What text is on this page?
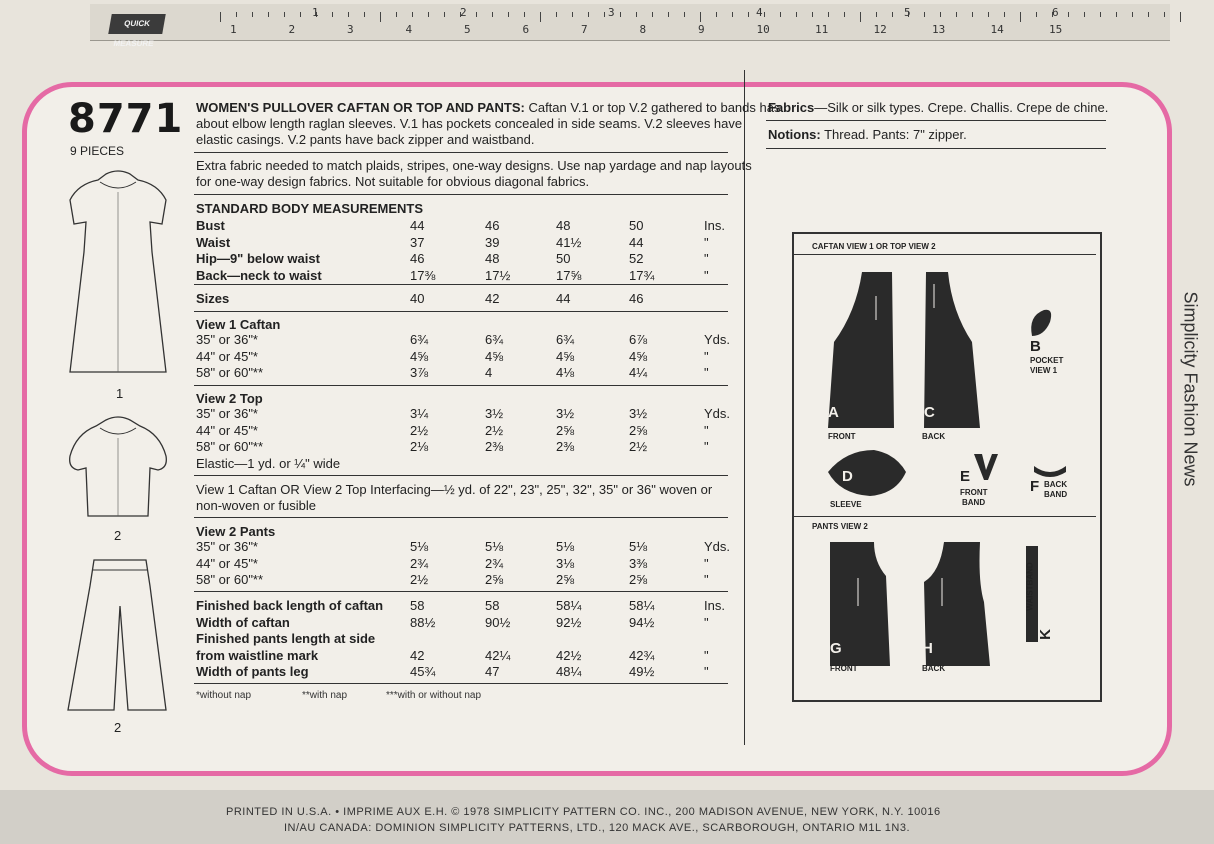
QUICK MEASURE
1	2	3	4	5	6
1	2	3	4	5	6	7	8	9	10	11	12	13	14	15
8771
9 PIECES
1
2
2
WOMEN'S PULLOVER CAFTAN OR TOP AND PANTS: Caftan V.1 or top V.2 gathered to bands has
about elbow length raglan sleeves. V.1 has pockets concealed in side seams. V.2 sleeves have
elastic casings. V.2 pants have back zipper and waistband.
Extra fabric needed to match plaids, stripes, one-way designs. Use nap yardage and nap layouts
for one-way design fabrics. Not suitable for obvious diagonal fabrics.
STANDARD BODY MEASUREMENTS
Bust	44	46	48	50	Ins.
Waist	37	39	41½	44	"
Hip—9" below waist	46	48	50	52	"
Back—neck to waist	17⅜	17½	17⅝	17¾	"
Sizes	40	42	44	46
View 1 Caftan
35" or 36"*	6¾	6¾	6¾	6⅞	Yds.
44" or 45"*	4⅝	4⅝	4⅝	4⅝	"
58" or 60"**	3⅞	4	4⅛	4¼	"
View 2 Top
35" or 36"*	3¼	3½	3½	3½	Yds.
44" or 45"*	2½	2½	2⅝	2⅝	"
58" or 60"**	2⅛	2⅜	2⅜	2½	"
Elastic—1 yd. or ¼" wide
View 1 Caftan OR View 2 Top Interfacing—½ yd. of 22", 23", 25", 32", 35" or 36" woven or
non-woven or fusible
View 2 Pants
35" or 36"*	5⅛	5⅛	5⅛	5⅛	Yds.
44" or 45"*	2¾	2¾	3⅛	3⅜	"
58" or 60"**	2½	2⅝	2⅝	2⅝	"
Finished back length of caftan 58	58	58¼	58¼	Ins.
Width of caftan	88½	90½	92½	94½	"
Finished pants length at side
from waistline mark	42	42¼	42½	42¾	"
Width of pants leg	45¾	47	48¼	49½	"
*without nap	**with nap	***with or without nap
Fabrics—Silk or silk types. Crepe. Challis. Crepe de chine.
Notions: Thread. Pants: 7" zipper.
CAFTAN VIEW 1 OR TOP VIEW 2
A
FRONT
C
BACK
B
POCKET
VIEW 1
D
SLEEVE
E
FRONT
BAND
F BACK
BAND
PANTS VIEW 2
G
FRONT
H
BACK
WAISTBAND
K
Simplicity Fashion News
PRINTED IN U.S.A. • IMPRIME AUX E.H. © 1978 SIMPLICITY PATTERN CO. INC., 200 MADISON AVENUE, NEW YORK, N.Y. 10016
IN/AU CANADA: DOMINION SIMPLICITY PATTERNS, LTD., 120 MACK AVE., SCARBOROUGH, ONTARIO M1L 1N3.
